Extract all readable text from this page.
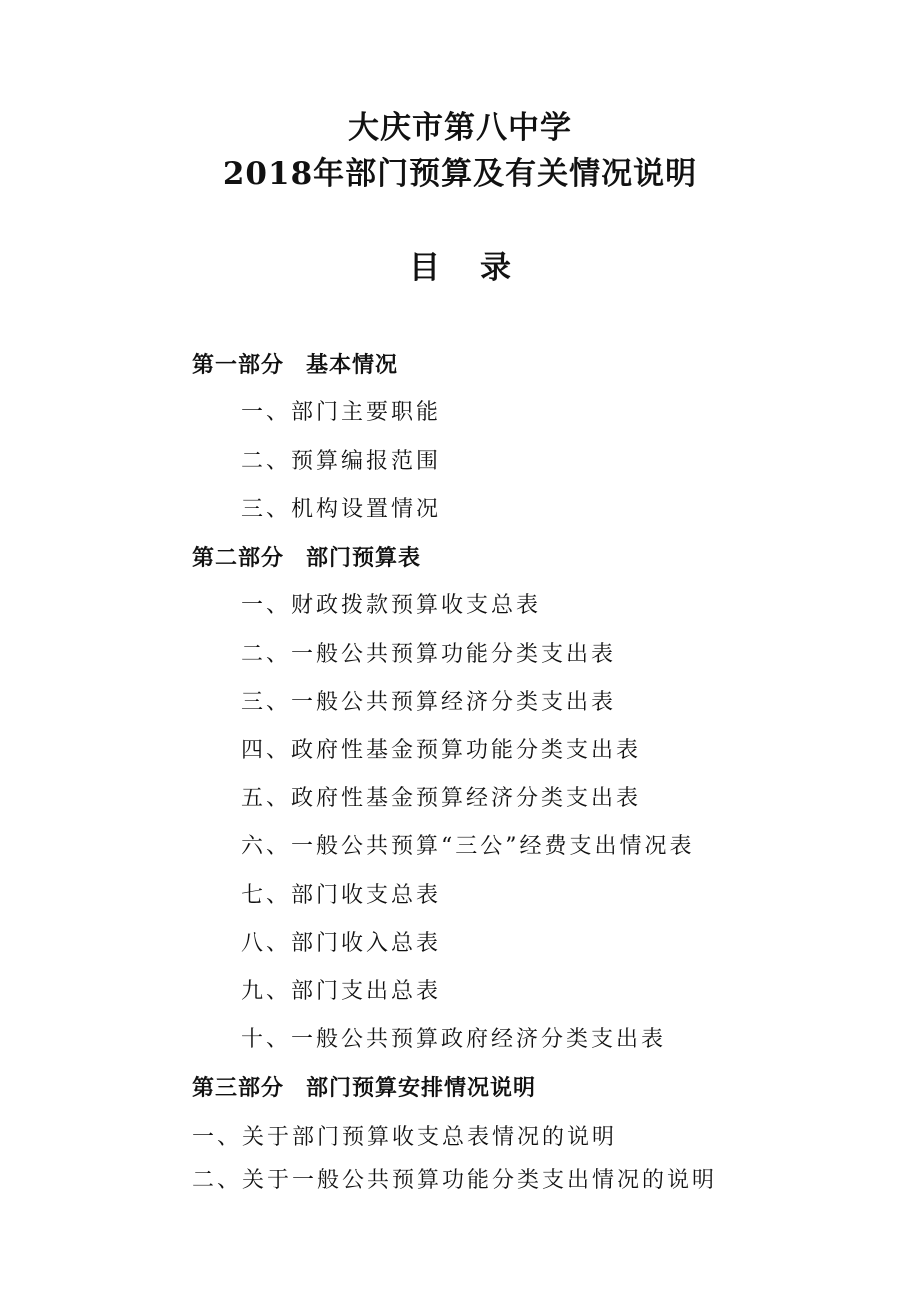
大庆市第八中学
2018年部门预算及有关情况说明
目录
第一部分 基本情况
一、部门主要职能
二、预算编报范围
三、机构设置情况
第二部分 部门预算表
一、财政拨款预算收支总表
二、一般公共预算功能分类支出表
三、一般公共预算经济分类支出表
四、政府性基金预算功能分类支出表
五、政府性基金预算经济分类支出表
六、一般公共预算“三公”经费支出情况表
七、部门收支总表
八、部门收入总表
九、部门支出总表
十、一般公共预算政府经济分类支出表
第三部分 部门预算安排情况说明
一、关于部门预算收支总表情况的说明
二、关于一般公共预算功能分类支出情况的说明
